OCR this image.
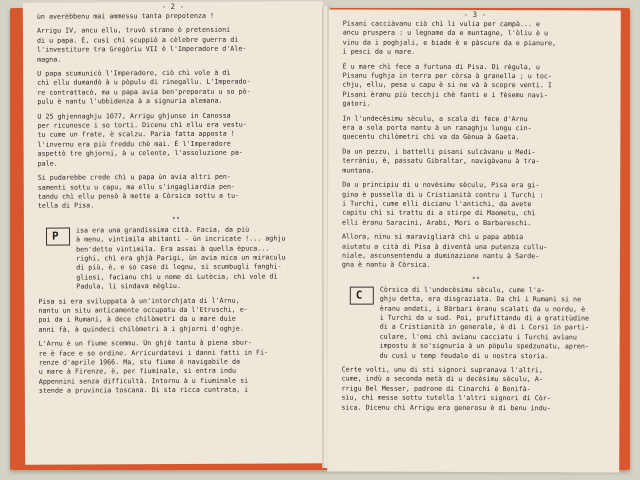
- 2 -

ùn averèbbenu mai ammessu tanta prepotenza !

Arrigu IV, ancu ellu, truvò strane è pretensioni
di u papa. È, cusì chì scuppiò a cèlebre guerra di
l'investiture tra Gregòriu VII è l'Imperadore d'Ale-
magna.

U papa scumunicò l'Imperadore, ciò chì vole à dì
chì ellu dumandò à u pòpulu di rinegallu. L'Imperado-
re contrattacò, ma u papa avia ben'preparatu u so pò-
pulu è nantu l'ubbidenza à a signuria alemana.

U 25 ghjennaghju 1077, Arrigu ghjunse in Canossa
per ricunosce i so torti. Dicenu chì ellu era vestu-
tu cume un frate, è scalzu. Paria fatta apposta !
l'invernu era più freddu chè mai. È l'Imperadore
aspettò tre ghjorni, à u celente, l'assoluzione pa-
pale.

Si pudarebbe crede chì u papa ùn avia altri pen-
samenti sottu u capu, ma ellu s'ingagliardia pen-
tandu chì ellu pensò à mette a Còrsica sottu a tu-
tella di Pisa.

°°
P	isa era una grandìssima cità. Facia, da più
à menu, vintimila abitanti - ùn incricate !... aghju
ben'detto vintimila. Era assai à quella èpuca...
righi, chì era ghjà Parigi, ùn avia mica un miraculu
di più, è, e so case di legnu, si scumbugli fanghi-
gliosi, facìanu chì u nome di Lutècia, chì vole dì
Padula, li sìndava mègliu.

Pisa si era sviluppata à un'intorchjata di l'Arnu,
nantu un situ anticamente occupatu da l'Etruschi, e-
poi da i Rumani, à dece chilòmetri da u mare duìe
anni fà, à quindeci chilòmetri à i ghjorni d'oghje.

L'Arnu è un fiume scemmu. Ùn ghjè tantu à piena sbur-
re è face e so ordine. Arricurdatevi i danni fatti in Fi-
renze d'aprile 1966. Ma, stu fiume è navigabile da
u mare à Firenze, è, per fiuminale, si entra indu
Appennini senza difficultà. Intornu à u fiuminale si
stende a pruvincia toscana. Di sta ricca cuntrata, i

- 3 -

Pisani cacciàvanu ciò chì li vulia per campà... e
ancu pruspera : u legname da e muntagne, l'òliu è u
vinu da i poghjali, e biade è e pàscure da e pianure,
i pesci da u mare.

È u mare chì fece a furtuna di Pisa. Di règula, u
Pisanu fughja in terra per còrsa à granella ; u toc-
chju, ellu, pesa u capu è si ne và à scopre venti. I
Pisani èranu più tecchji chè fanti e i fèsemu navi-
gatori.

In l'undecèsimu sèculu, a scala di fece d'Arnu
era a sola porta nantu à un ranaghju lungu cin-
quecentu chilòmetri chì va da Gènua à Gaeta.

Da un pezzu, i battelli pisani sulcàvanu u Medi-
terràniu, è, passatu Gibraltar, navigàvanu à tra-
muntana.

Da u principiu di u novèsimu sèculu, Pisa era gi-
gina è pussella di u Cristianità contru i Turchi :
i Turchi, cume elli dicianu l'antichi, da avete
capitu chì si trattu di a stirpe di Maometu, chì
elli èranu Saracini, Arabi, Mori o Barbareschi.

Allora, ninu si maravigliarà chì u papa abbia
aiutatu a cità di Pisa à diventà una putenza cullu-
niale, ascunsentendu a duminazione nantu à Sarde-
gna è nantu à Còrsica.

°°
C	Còrsica di l'undecèsimu sèculu, cume l'a-
ghju detta, era disgraziata. Da chì i Rumani si ne
èranu andati, i Bàrbari èranu scalati da u nordu, è
i Turchi da u sud. Poi, prufittandu di a gratitùdine
di a Cristianità in generale, è di i Corsi in parti-
culare, l'omi chì avìanu cacciatu i Turchi avìanu
impostu à so'signuria à un pòpulu spedzunatu, apren-
du cusì u temp feudale di u nostra storia.

Certe volti, unu di sti signori supranava l'altri,
cume, indù a seconda metà di u decèsimu sèculu, A-
rrigu Bel Messer, padrone di Cinarchi è Bonifà-
siu, chì messe sottu tutella l'altri signori di Còr-
sica. Dicenu chì Arrigu era generosu è di benu indu-
